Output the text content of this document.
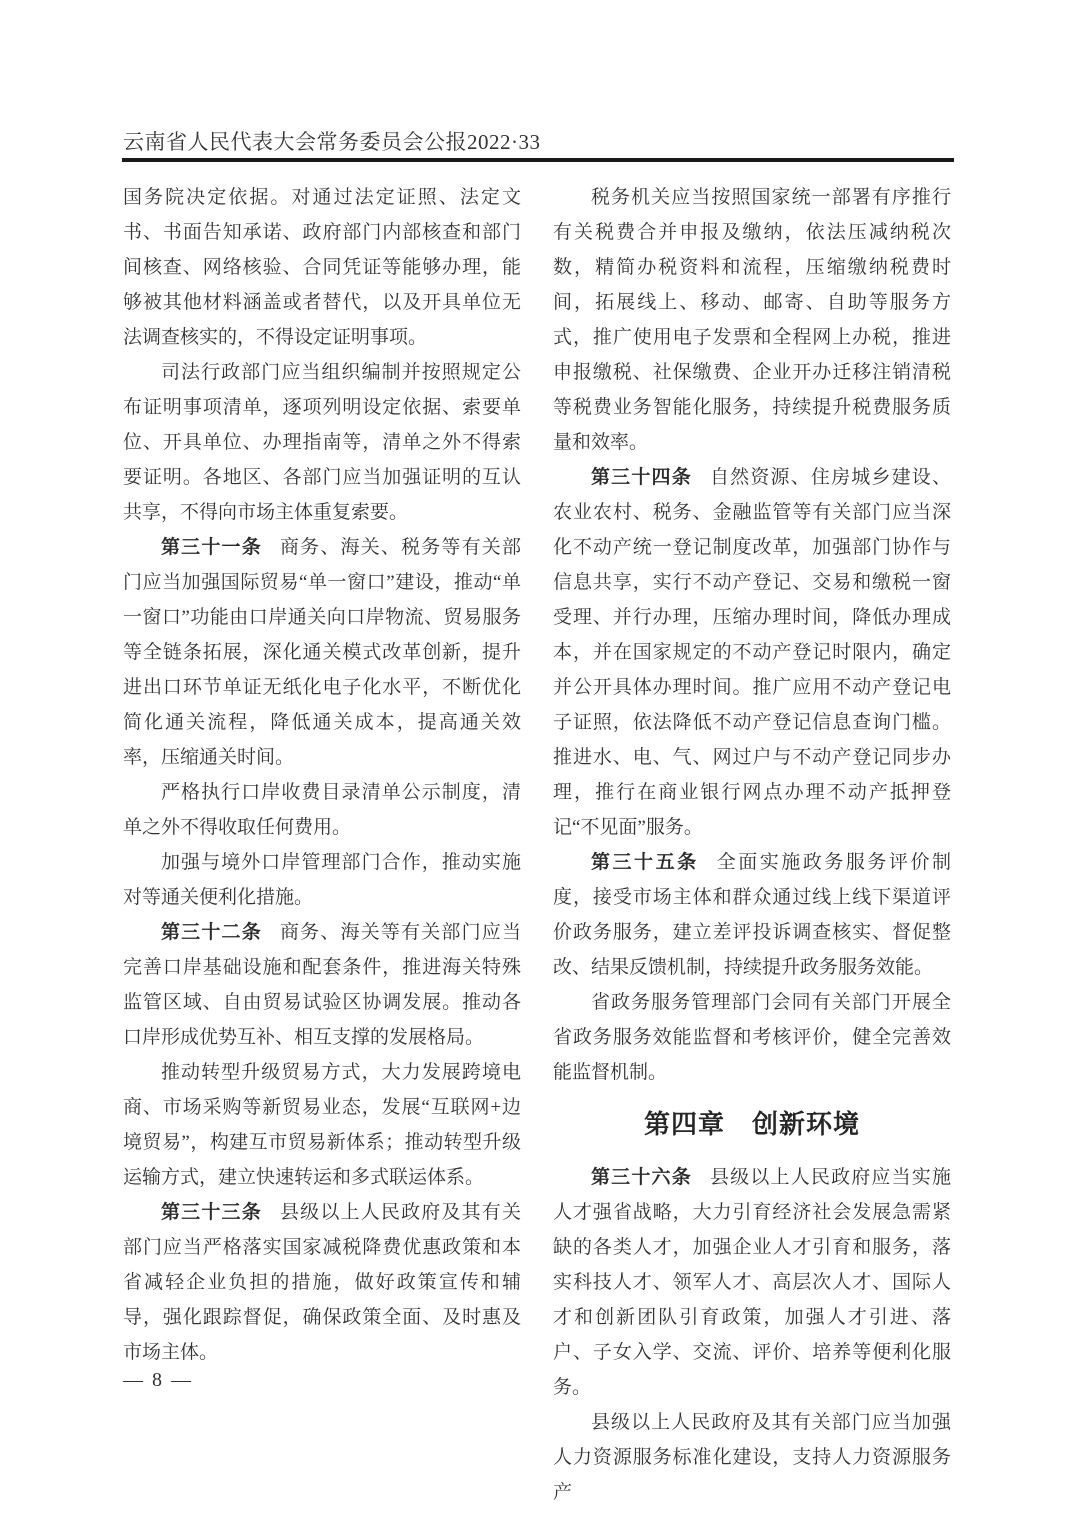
云南省人民代表大会常务委员会公报2022·33

国务院决定依据。对通过法定证照、法定文书、书面告知承诺、政府部门内部核查和部门间核查、网络核验、合同凭证等能够办理，能够被其他材料涵盖或者替代，以及开具单位无法调查核实的，不得设定证明事项。

司法行政部门应当组织编制并按照规定公布证明事项清单，逐项列明设定依据、索要单位、开具单位、办理指南等，清单之外不得索要证明。各地区、各部门应当加强证明的互认共享，不得向市场主体重复索要。

第三十一条 商务、海关、税务等有关部门应当加强国际贸易“单一窗口”建设，推动“单一窗口”功能由口岸通关向口岸物流、贸易服务等全链条拓展，深化通关模式改革创新，提升进出口环节单证无纸化电子化水平，不断优化简化通关流程，降低通关成本，提高通关效率，压缩通关时间。

严格执行口岸收费目录清单公示制度，清单之外不得收取任何费用。

加强与境外口岸管理部门合作，推动实施对等通关便利化措施。

第三十二条 商务、海关等有关部门应当完善口岸基础设施和配套条件，推进海关特殊监管区域、自由贸易试验区协调发展。推动各口岸形成优势互补、相互支撑的发展格局。

推动转型升级贸易方式，大力发展跨境电商、市场采购等新贸易业态，发展“互联网+边境贸易”，构建互市贸易新体系；推动转型升级运输方式，建立快速转运和多式联运体系。

第三十三条 县级以上人民政府及其有关部门应当严格落实国家减税降费优惠政策和本省减轻企业负担的措施，做好政策宣传和辅导，强化跟踪督促，确保政策全面、及时惠及市场主体。

税务机关应当按照国家统一部署有序推行有关税费合并申报及缴纳，依法压减纳税次数，精简办税资料和流程，压缩缴纳税费时间，拓展线上、移动、邮寄、自助等服务方式，推广使用电子发票和全程网上办税，推进申报缴税、社保缴费、企业开办迁移注销清税等税费业务智能化服务，持续提升税费服务质量和效率。

第三十四条 自然资源、住房城乡建设、农业农村、税务、金融监管等有关部门应当深化不动产统一登记制度改革，加强部门协作与信息共享，实行不动产登记、交易和缴税一窗受理、并行办理，压缩办理时间，降低办理成本，并在国家规定的不动产登记时限内，确定并公开具体办理时间。推广应用不动产登记电子证照，依法降低不动产登记信息查询门槛。推进水、电、气、网过户与不动产登记同步办理，推行在商业银行网点办理不动产抵押登记“不见面”服务。

第三十五条 全面实施政务服务评价制度，接受市场主体和群众通过线上线下渠道评价政务服务，建立差评投诉调查核实、督促整改、结果反馈机制，持续提升政务服务效能。

省政务服务管理部门会同有关部门开展全省政务服务效能监督和考核评价，健全完善效能监督机制。

第四章　创新环境

第三十六条 县级以上人民政府应当实施人才强省战略，大力引育经济社会发展急需紧缺的各类人才，加强企业人才引育和服务，落实科技人才、领军人才、高层次人才、国际人才和创新团队引育政策，加强人才引进、落户、子女入学、交流、评价、培养等便利化服务。

县级以上人民政府及其有关部门应当加强人力资源服务标准化建设，支持人力资源服务产

— 8 —
